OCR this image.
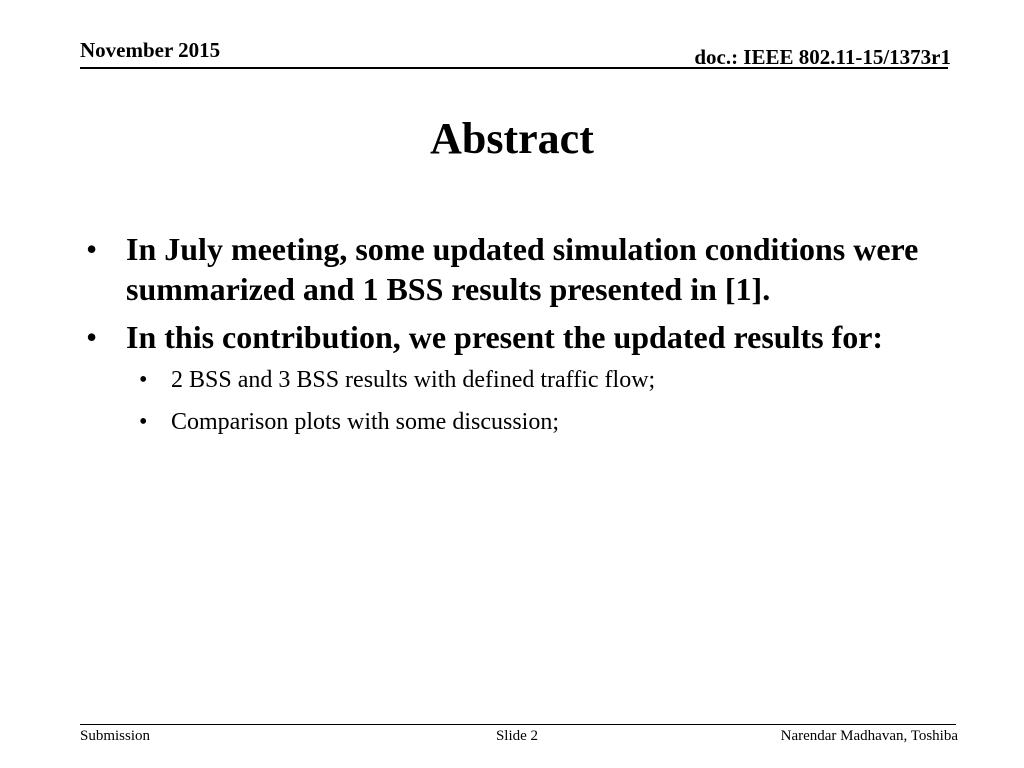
November 2015	doc.: IEEE 802.11-15/1373r1
Abstract
• In July meeting, some updated simulation conditions were summarized and 1 BSS results presented in [1].
• In this contribution, we present the updated results for:
• 2 BSS and 3 BSS results with defined traffic flow;
• Comparison plots with some discussion;
Submission	Slide 2	Narendar Madhavan, Toshiba
